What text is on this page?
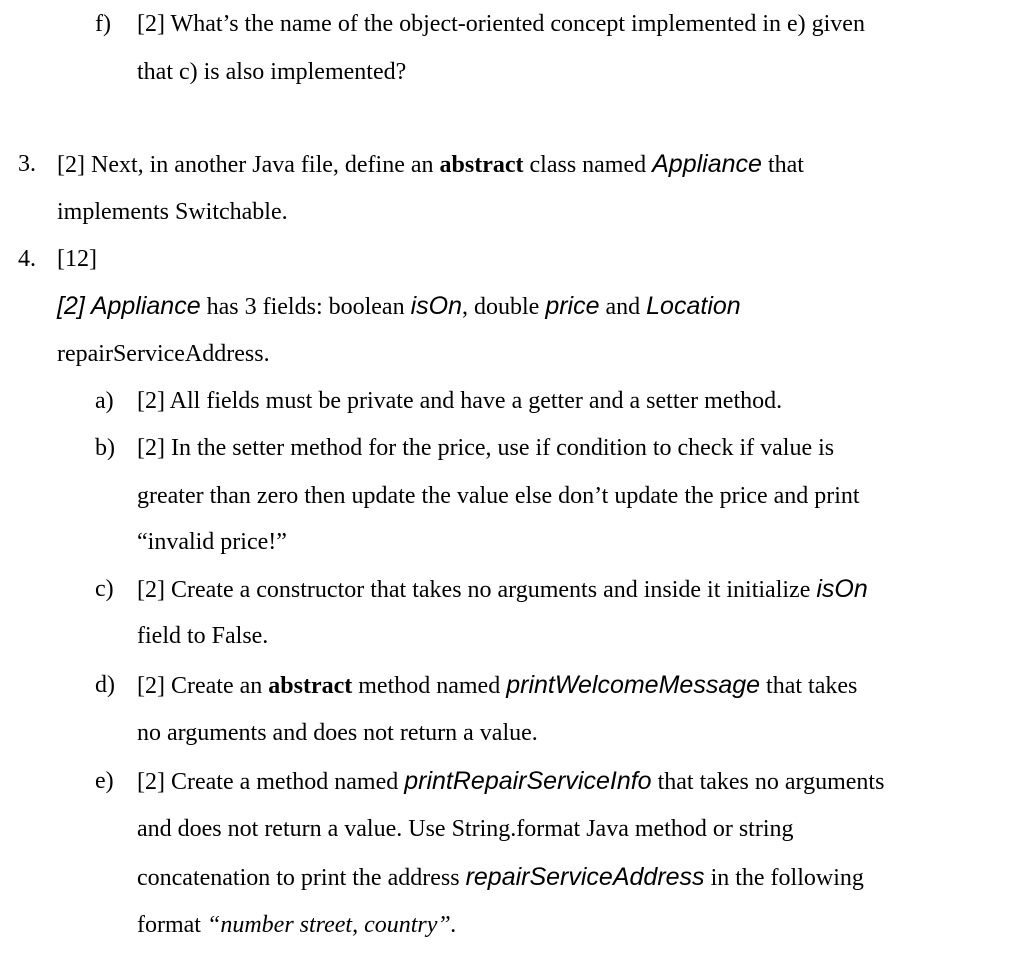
f) [2] What’s the name of the object-oriented concept implemented in e) given

that c) is also implemented?

3. [2] Next, in another Java file, define an abstract class named Appliance that

implements Switchable.

4. [12]

[2] Appliance has 3 fields: boolean isOn, double price and Location

repairServiceAddress.

a) [2] All fields must be private and have a getter and a setter method.

b) [2] In the setter method for the price, use if condition to check if value is

greater than zero then update the value else don’t update the price and print

“invalid price!”

c) [2] Create a constructor that takes no arguments and inside it initialize isOn

field to False.

d) [2] Create an abstract method named printWelcomeMessage that takes

no arguments and does not return a value.

e) [2] Create a method named printRepairServiceInfo that takes no arguments

and does not return a value. Use String.format Java method or string

concatenation to print the address repairServiceAddress in the following

format “number street, country”.
